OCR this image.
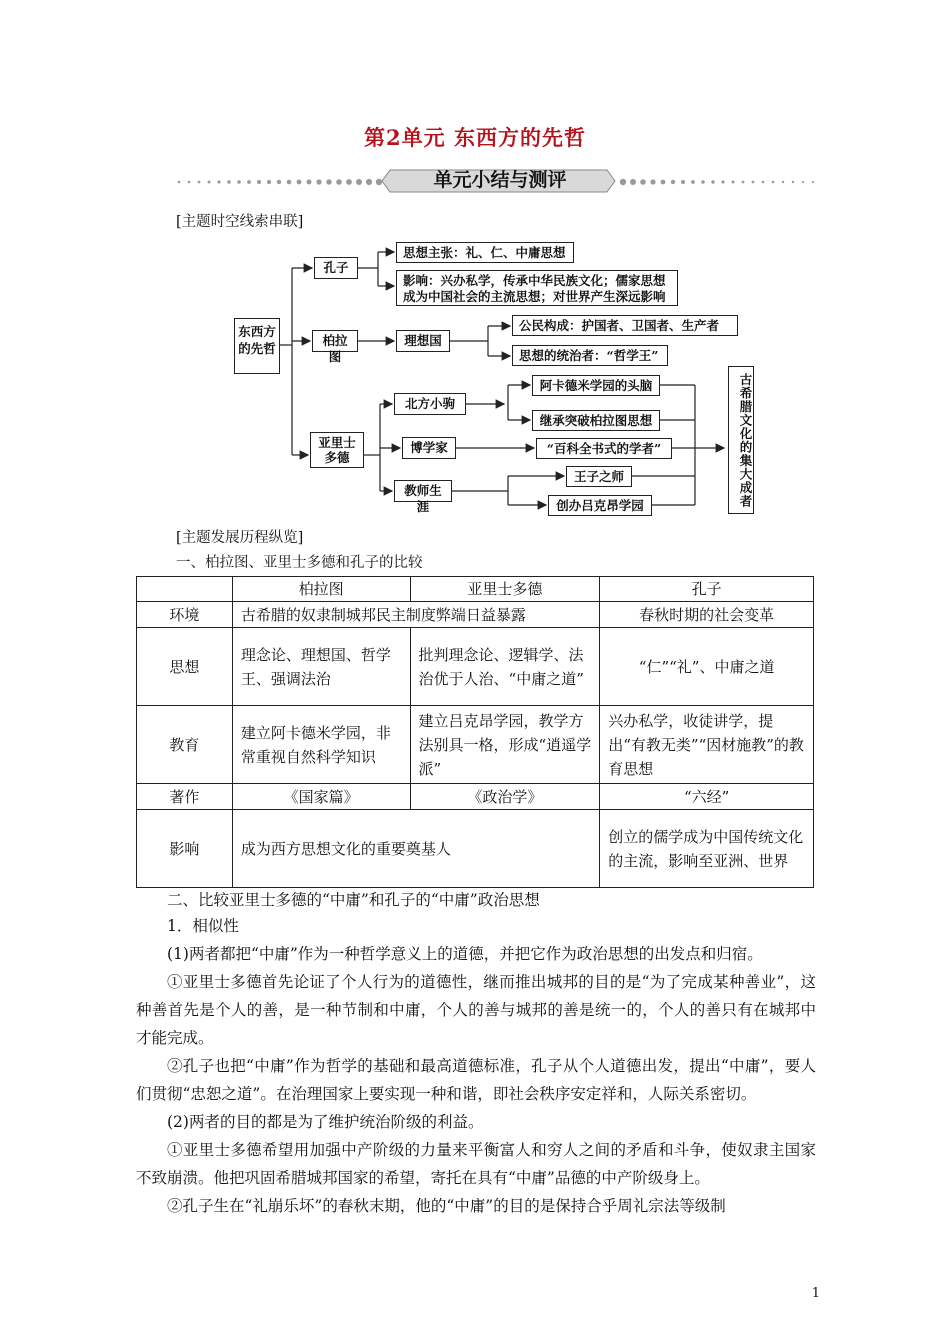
第2单元 东西方的先哲
单元小结与测评
[主题时空线索串联]
东西方的先哲
孔子
思想主张：礼、仁、中庸思想
影响：兴办私学，传承中华民族文化；儒家思想
成为中国社会的主流思想；对世界产生深远影响
柏拉图
理想国
公民构成：护国者、卫国者、生产者
思想的统治者：“哲学王”
亚里士多德
北方小驹
阿卡德米学园的头脑
继承突破柏拉图思想
博学家	“百科全书式的学者”
教师生涯
王子之师
创办吕克昂学园	古希腊文化的集大成者
[主题发展历程纵览]
一、柏拉图、亚里士多德和孔子的比较
	柏拉图	亚里士多德	孔子
环境	古希腊的奴隶制城邦民主制度弊端日益暴露		春秋时期的社会变革
思想	理念论、理想国、哲学王、强调法治	批判理念论、逻辑学、法治优于人治、“中庸之道”	“仁”“礼”、中庸之道
教育	建立阿卡德米学园，非常重视自然科学知识	建立吕克昂学园，教学方法别具一格，形成“逍遥学派”	兴办私学，收徒讲学，提出“有教无类”“因材施教”的教育思想
著作	《国家篇》	《政治学》	“六经”
影响	成为西方思想文化的重要奠基人		创立的儒学成为中国传统文化的主流，影响至亚洲、世界

二、比较亚里士多德的“中庸”和孔子的“中庸”政治思想

1．相似性

(1)两者都把“中庸”作为一种哲学意义上的道德，并把它作为政治思想的出发点和归宿。

①亚里士多德首先论证了个人行为的道德性，继而推出城邦的目的是“为了完成某种善业”，这种善首先是个人的善，是一种节制和中庸，个人的善与城邦的善是统一的，个人的善只有在城邦中才能完成。

②孔子也把“中庸”作为哲学的基础和最高道德标准，孔子从个人道德出发，提出“中庸”，要人们贯彻“忠恕之道”。在治理国家上要实现一种和谐，即社会秩序安定祥和，人际关系密切。

(2)两者的目的都是为了维护统治阶级的利益。

①亚里士多德希望用加强中产阶级的力量来平衡富人和穷人之间的矛盾和斗争，使奴隶主国家不致崩溃。他把巩固希腊城邦国家的希望，寄托在具有“中庸”品德的中产阶级身上。

②孔子生在“礼崩乐坏”的春秋末期，他的“中庸”的目的是保持合乎周礼宗法等级制

1
